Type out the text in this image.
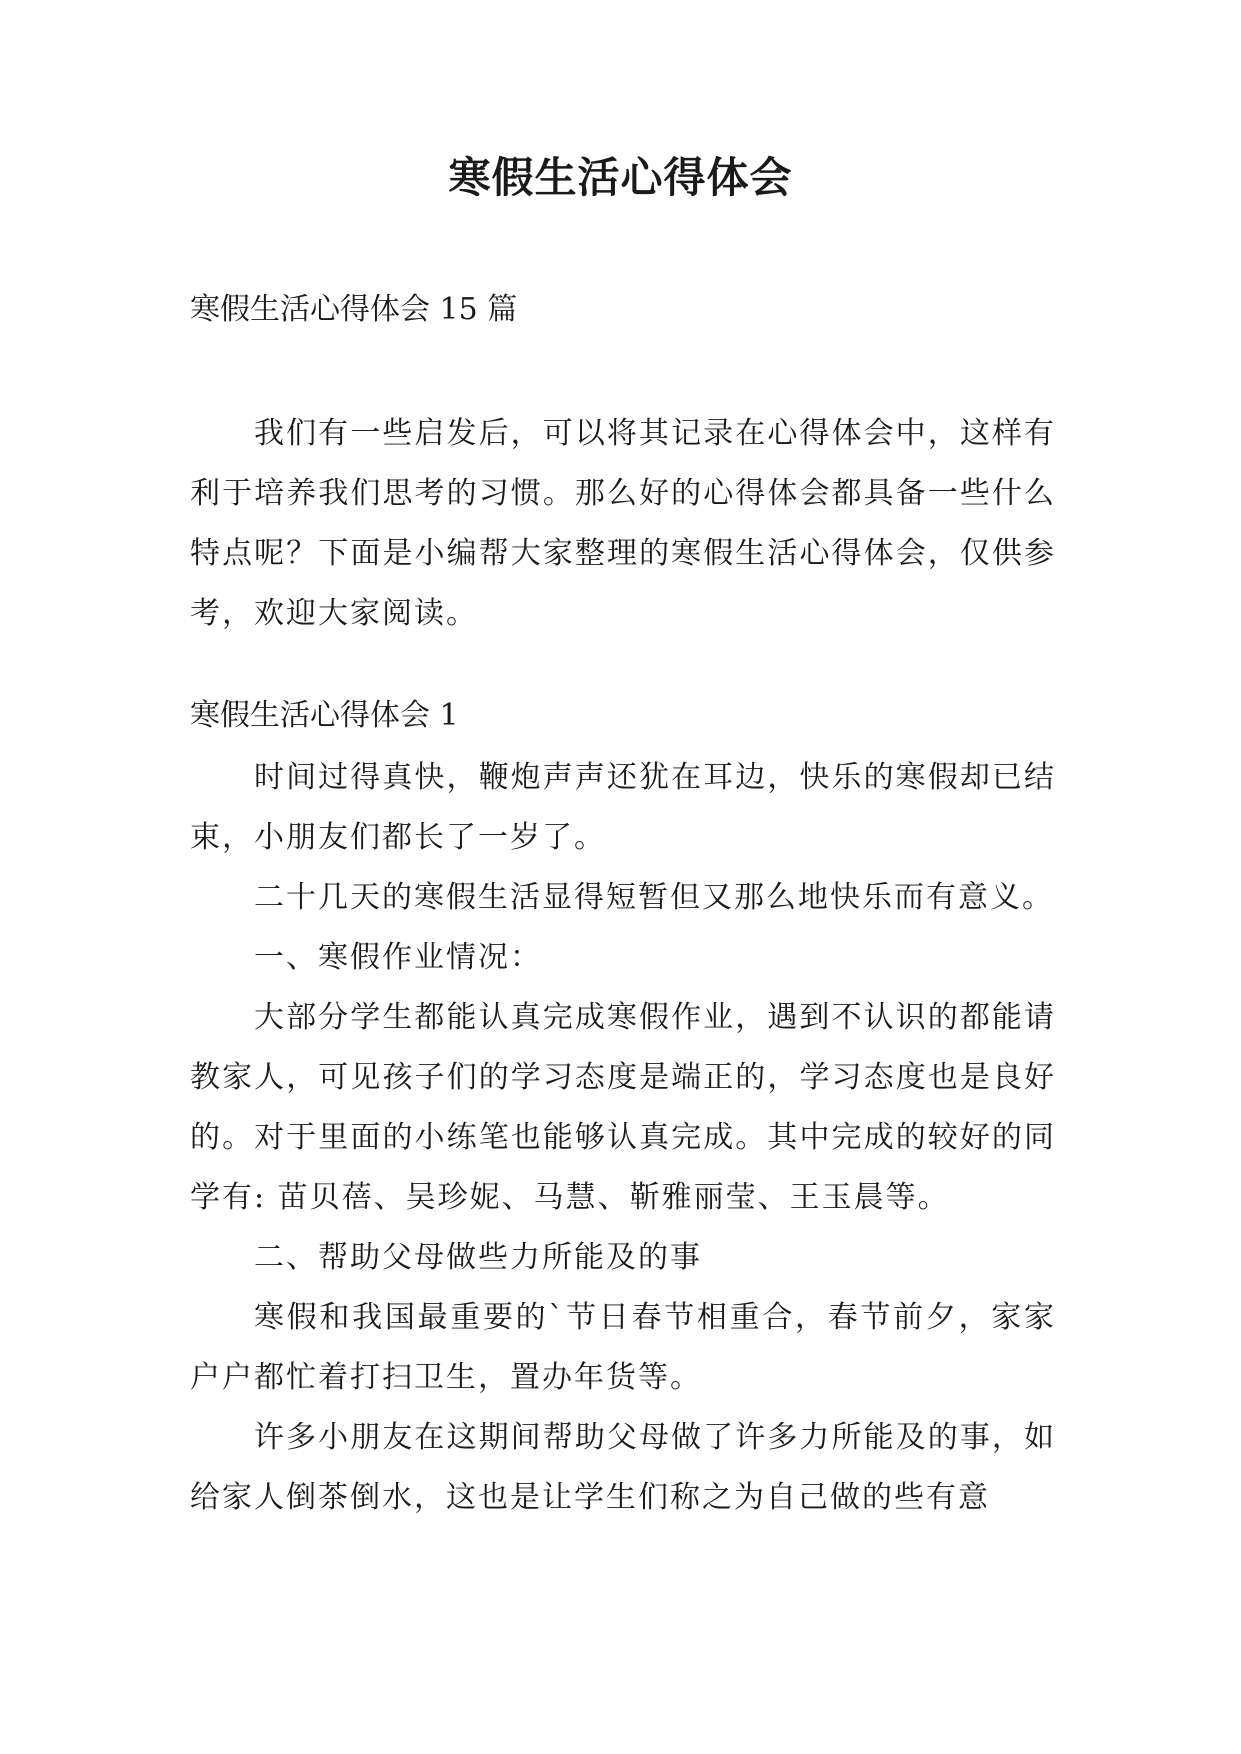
寒假生活心得体会
寒假生活心得体会 15 篇

我们有一些启发后，可以将其记录在心得体会中，这样有利于培养我们思考的习惯。那么好的心得体会都具备一些什么特点呢？下面是小编帮大家整理的寒假生活心得体会，仅供参考，欢迎大家阅读。

寒假生活心得体会 1

时间过得真快，鞭炮声声还犹在耳边，快乐的寒假却已结束，小朋友们都长了一岁了。

二十几天的寒假生活显得短暂但又那么地快乐而有意义。

一、寒假作业情况：

大部分学生都能认真完成寒假作业，遇到不认识的都能请教家人，可见孩子们的学习态度是端正的，学习态度也是良好的。对于里面的小练笔也能够认真完成。其中完成的较好的同学有: 苗贝蓓、吴珍妮、马慧、靳雅丽莹、王玉晨等。

二、帮助父母做些力所能及的事

寒假和我国最重要的`节日春节相重合，春节前夕，家家户户都忙着打扫卫生，置办年货等。

许多小朋友在这期间帮助父母做了许多力所能及的事，如给家人倒茶倒水，这也是让学生们称之为自己做的些有意
